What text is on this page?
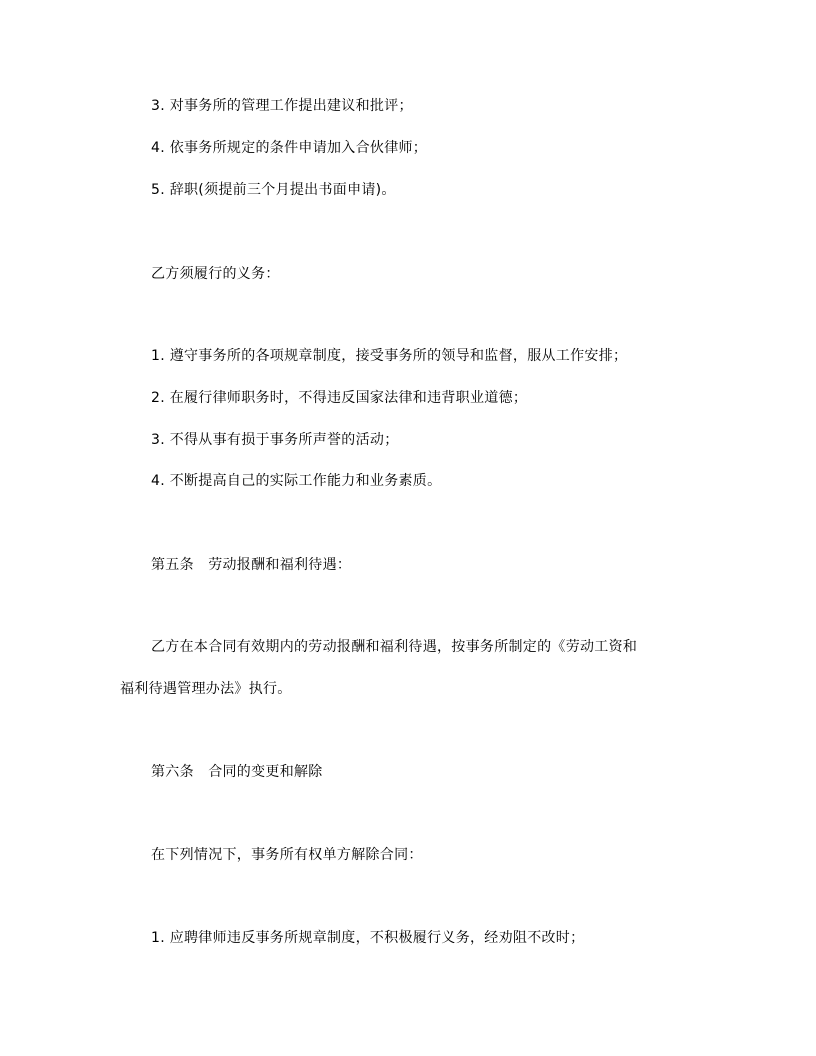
3. 对事务所的管理工作提出建议和批评；
4. 依事务所规定的条件申请加入合伙律师；
5. 辞职(须提前三个月提出书面申请)。
乙方须履行的义务：
1. 遵守事务所的各项规章制度，接受事务所的领导和监督，服从工作安排；
2. 在履行律师职务时，不得违反国家法律和违背职业道德；
3. 不得从事有损于事务所声誉的活动；
4. 不断提高自己的实际工作能力和业务素质。
第五条　劳动报酬和福利待遇：
乙方在本合同有效期内的劳动报酬和福利待遇，按事务所制定的《劳动工资和
福利待遇管理办法》执行。
第六条　合同的变更和解除
在下列情况下，事务所有权单方解除合同：
1. 应聘律师违反事务所规章制度，不积极履行义务，经劝阻不改时；
